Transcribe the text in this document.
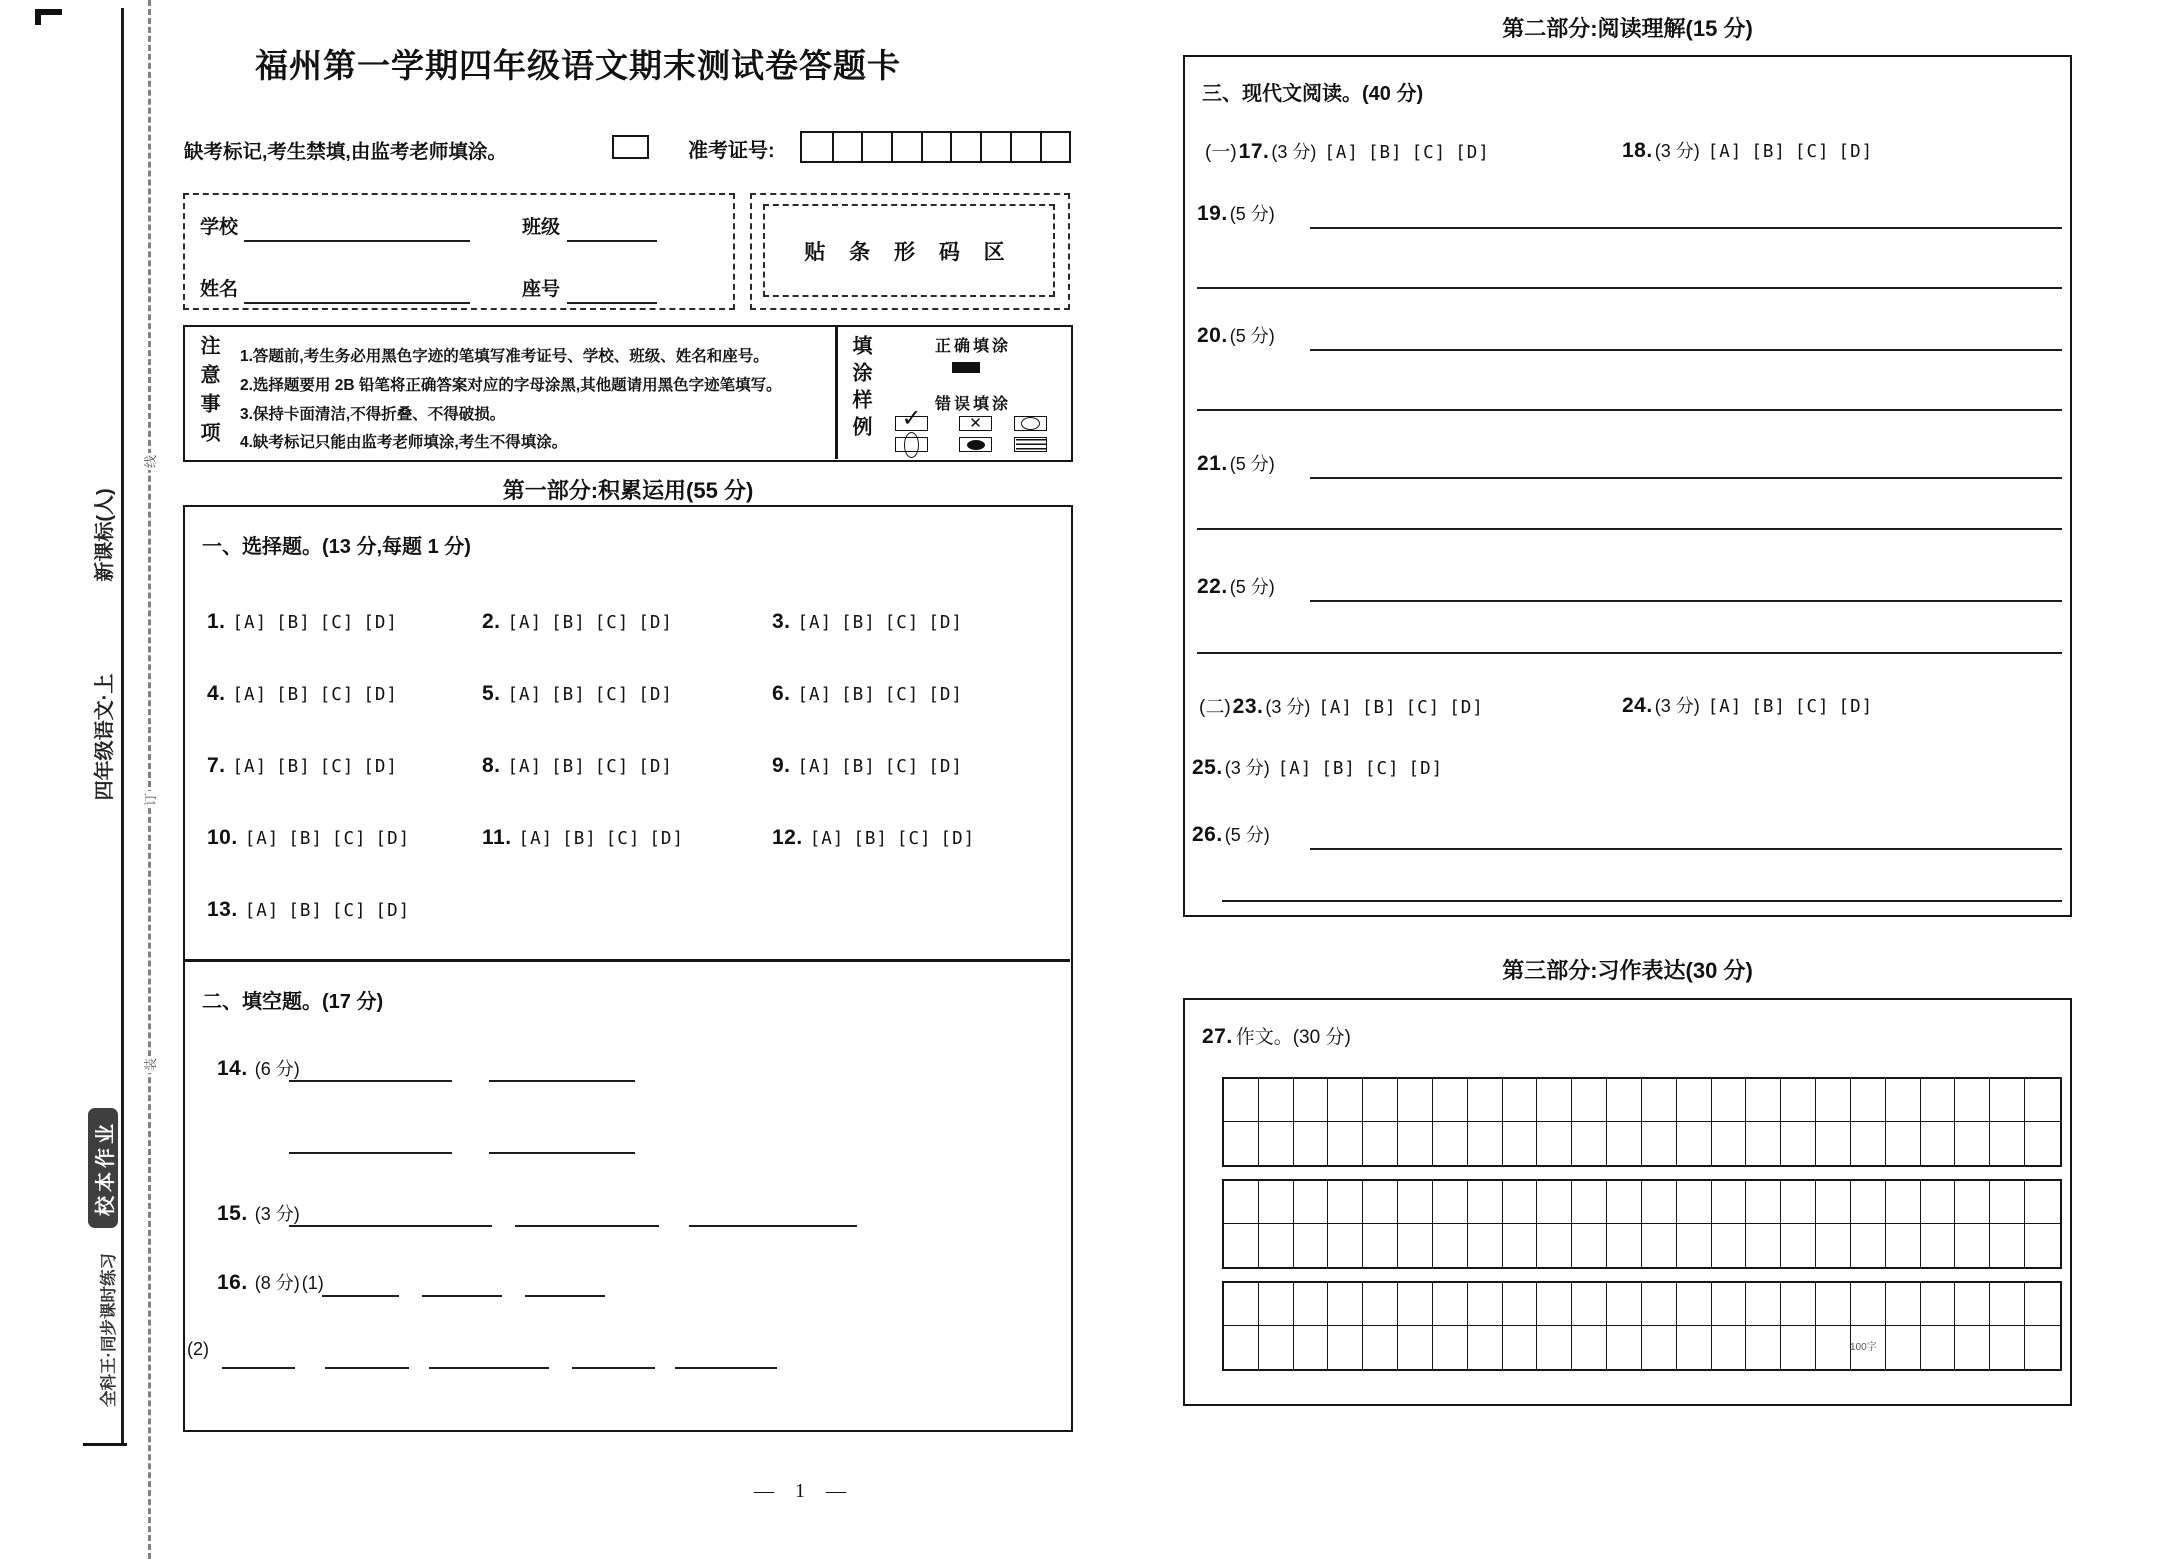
线
订
装
新课标(人)
四年级语文·上
校本作业
全科王·同步课时练习
福州第一学期四年级语文期末测试卷答题卡
缺考标记,考生禁填,由监考老师填涂。	准考证号:
学校	班级
姓名	座号
贴 条 形 码 区
注意事项 1.答题前,考生务必用黑色字迹的笔填写准考证号、学校、班级、姓名和座号。
2.选择题要用 2B 铅笔将正确答案对应的字母涂黑,其他题请用黑色字迹笔填写。
3.保持卡面清洁,不得折叠、不得破损。
4.缺考标记只能由监考老师填涂,考生不得填涂。	填涂样例	正确填涂
错误填涂
✓	✕
第一部分:积累运用(55 分)
一、选择题。(13 分,每题 1 分)
1. [A] [B] [C] [D]	2. [A] [B] [C] [D]	3. [A] [B] [C] [D]
4. [A] [B] [C] [D]	5. [A] [B] [C] [D]	6. [A] [B] [C] [D]
7. [A] [B] [C] [D]	8. [A] [B] [C] [D]	9. [A] [B] [C] [D]
10. [A] [B] [C] [D]	11. [A] [B] [C] [D]	12. [A] [B] [C] [D]
13. [A] [B] [C] [D]
二、填空题。(17 分)
14. (6 分)
15. (3 分)
16. (8 分) (1)
(2)
— 1 —
第二部分:阅读理解(15 分)
三、现代文阅读。(40 分)
(一) 17. (3 分) [A] [B] [C] [D]	18. (3 分) [A] [B] [C] [D]
19. (5 分)
20. (5 分)
21. (5 分)
22. (5 分)
(二) 23. (3 分) [A] [B] [C] [D]	24. (3 分) [A] [B] [C] [D]
25. (3 分) [A] [B] [C] [D]
26. (5 分)
第三部分:习作表达(30 分)
27. 作文。(30 分)
100字
